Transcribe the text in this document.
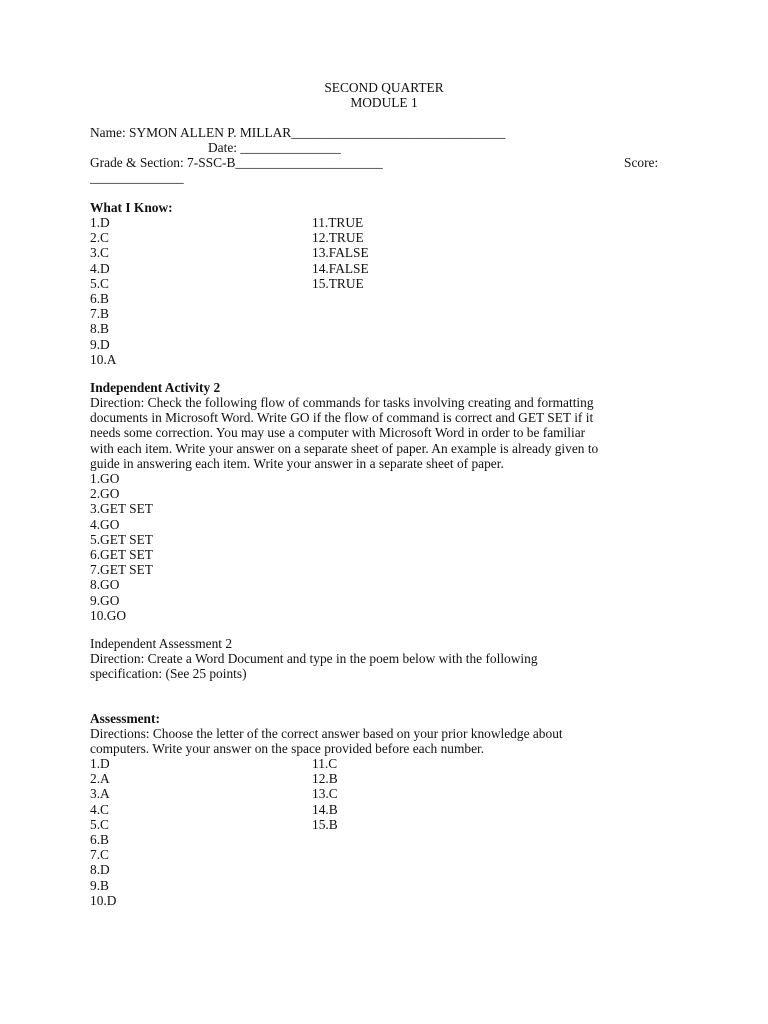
SECOND QUARTER
MODULE 1
Name: SYMON ALLEN P. MILLAR________________________________
Date: _______________
Grade & Section: 7-SSC-B______________________	Score:
______________
What I Know:
1.D
2.C
3.C
4.D
5.C
6.B
7.B
8.B
9.D
10.A
11.TRUE
12.TRUE
13.FALSE
14.FALSE
15.TRUE
Independent Activity 2
Direction: Check the following flow of commands for tasks involving creating and formatting
documents in Microsoft Word. Write GO if the flow of command is correct and GET SET if it
needs some correction. You may use a computer with Microsoft Word in order to be familiar
with each item. Write your answer on a separate sheet of paper. An example is already given to
guide in answering each item. Write your answer in a separate sheet of paper.
1.GO
2.GO
3.GET SET
4.GO
5.GET SET
6.GET SET
7.GET SET
8.GO
9.GO
10.GO
Independent Assessment 2
Direction: Create a Word Document and type in the poem below with the following
specification: (See 25 points)
Assessment:
Directions: Choose the letter of the correct answer based on your prior knowledge about
computers. Write your answer on the space provided before each number.
1.D
2.A
3.A
4.C
5.C
6.B
7.C
8.D
9.B
10.D
11.C
12.B
13.C
14.B
15.B
